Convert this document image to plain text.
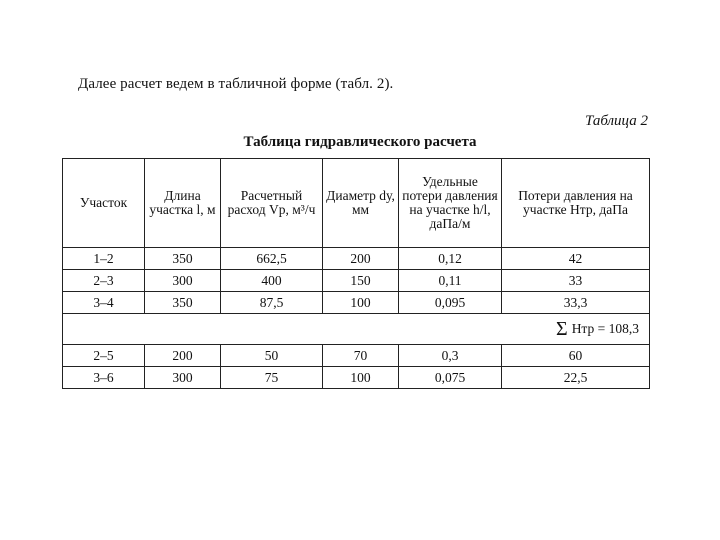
Далее расчет ведем в табличной форме (табл. 2).
Таблица 2
Таблица гидравлического расчета
Участок	Длина участка l, м	Расчетный расход Vр, м³/ч	Диаметр dу, мм	Удельные потери давления на участке h/l, даПа/м	Потери давления на участке Hтр, даПа
1–2	350	662,5	200	0,12	42
2–3	300	400	150	0,11	33
3–4	350	87,5	100	0,095	33,3
Σ Hтр = 108,3					
2–5	200	50	70	0,3	60
3–6	300	75	100	0,075	22,5
